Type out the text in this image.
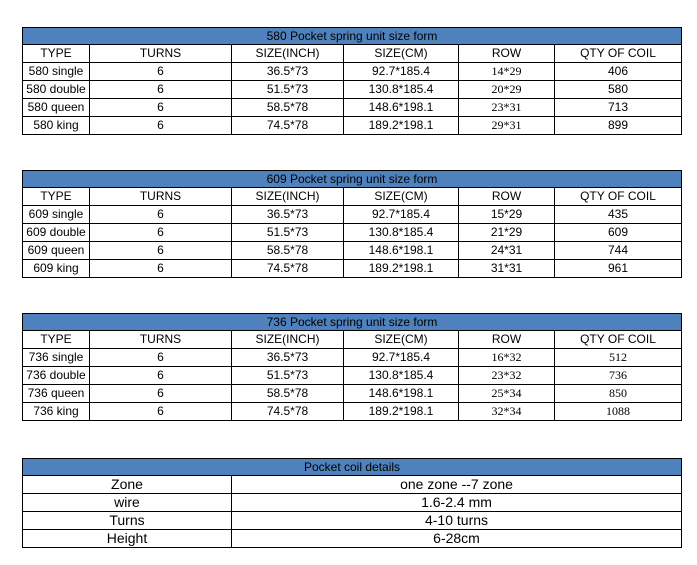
580 Pocket spring unit size form					
TYPE	TURNS	SIZE(INCH)	SIZE(CM)	ROW	QTY OF COIL
580 single	6	36.5*73	92.7*185.4	14*29	406
580 double	6	51.5*73	130.8*185.4	20*29	580
580 queen	6	58.5*78	148.6*198.1	23*31	713
580 king	6	74.5*78	189.2*198.1	29*31	899
609 Pocket spring unit size form					
TYPE	TURNS	SIZE(INCH)	SIZE(CM)	ROW	QTY OF COIL
609 single	6	36.5*73	92.7*185.4	15*29	435
609 double	6	51.5*73	130.8*185.4	21*29	609
609 queen	6	58.5*78	148.6*198.1	24*31	744
609 king	6	74.5*78	189.2*198.1	31*31	961
736 Pocket spring unit size form					
TYPE	TURNS	SIZE(INCH)	SIZE(CM)	ROW	QTY OF COIL
736 single	6	36.5*73	92.7*185.4	16*32	512
736 double	6	51.5*73	130.8*185.4	23*32	736
736 queen	6	58.5*78	148.6*198.1	25*34	850
736 king	6	74.5*78	189.2*198.1	32*34	1088
Pocket coil details	
Zone	one zone --7 zone
wire	1.6-2.4 mm
Turns	4-10 turns
Height	6-28cm
